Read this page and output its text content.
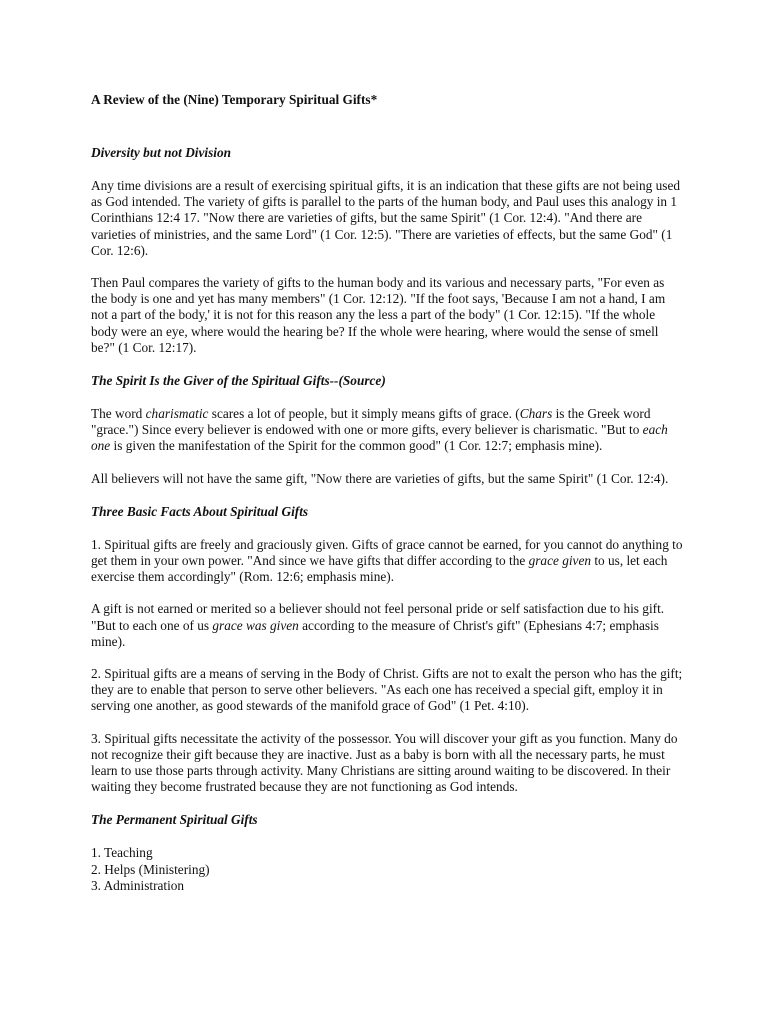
A Review of the (Nine) Temporary Spiritual Gifts*

Diversity but not Division

Any time divisions are a result of exercising spiritual gifts, it is an indication that these gifts are not being used as God intended. The variety of gifts is parallel to the parts of the human body, and Paul uses this analogy in 1 Corinthians 12:4 17. "Now there are varieties of gifts, but the same Spirit" (1 Cor. 12:4). "And there are varieties of ministries, and the same Lord" (1 Cor. 12:5). "There are varieties of effects, but the same God" (1 Cor. 12:6).

Then Paul compares the variety of gifts to the human body and its various and necessary parts, "For even as the body is one and yet has many members" (1 Cor. 12:12). "If the foot says, 'Because I am not a hand, I am not a part of the body,' it is not for this reason any the less a part of the body" (1 Cor. 12:15). "If the whole body were an eye, where would the hearing be? If the whole were hearing, where would the sense of smell be?" (1 Cor. 12:17).

The Spirit Is the Giver of the Spiritual Gifts--(Source)

The word charismatic scares a lot of people, but it simply means gifts of grace. (Chars is the Greek word "grace.") Since every believer is endowed with one or more gifts, every believer is charismatic. "But to each one is given the manifestation of the Spirit for the common good" (1 Cor. 12:7; emphasis mine).

All believers will not have the same gift, "Now there are varieties of gifts, but the same Spirit" (1 Cor. 12:4).

Three Basic Facts About Spiritual Gifts

1. Spiritual gifts are freely and graciously given. Gifts of grace cannot be earned, for you cannot do anything to get them in your own power. "And since we have gifts that differ according to the grace given to us, let each exercise them accordingly" (Rom. 12:6; emphasis mine).

A gift is not earned or merited so a believer should not feel personal pride or self satisfaction due to his gift. "But to each one of us grace was given according to the measure of Christ's gift" (Ephesians 4:7; emphasis mine).

2. Spiritual gifts are a means of serving in the Body of Christ. Gifts are not to exalt the person who has the gift; they are to enable that person to serve other believers. "As each one has received a special gift, employ it in serving one another, as good stewards of the manifold grace of God" (1 Pet. 4:10).

3. Spiritual gifts necessitate the activity of the possessor. You will discover your gift as you function. Many do not recognize their gift because they are inactive. Just as a baby is born with all the necessary parts, he must learn to use those parts through activity. Many Christians are sitting around waiting to be discovered. In their waiting they become frustrated because they are not functioning as God intends.

The Permanent Spiritual Gifts

1. Teaching
2. Helps (Ministering)
3. Administration
